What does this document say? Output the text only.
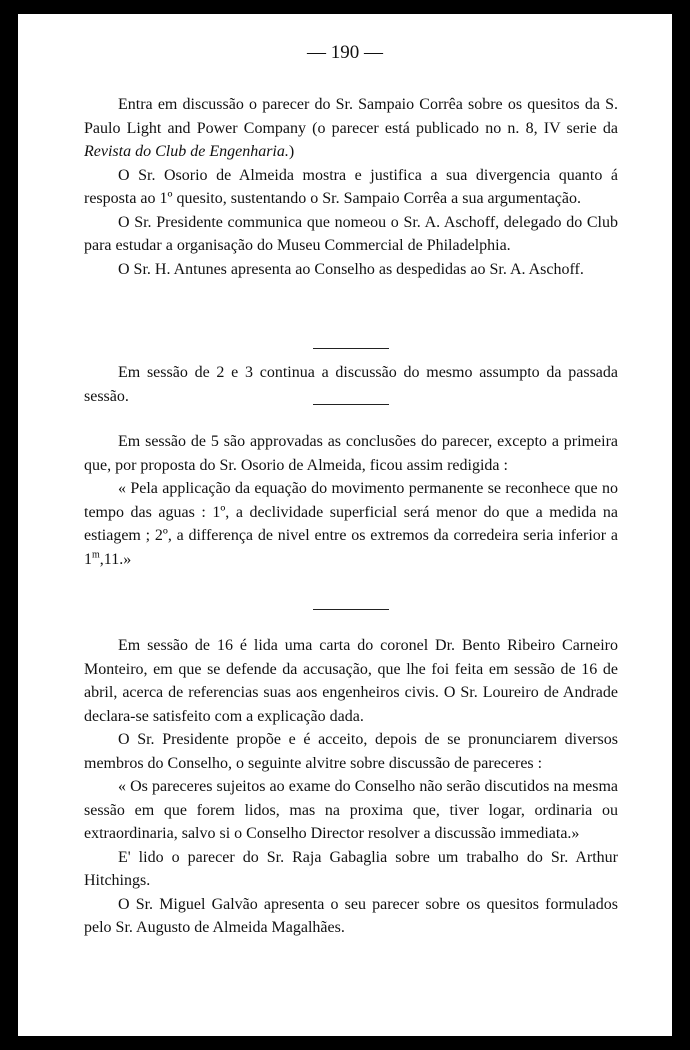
— 190 —

Entra em discussão o parecer do Sr. Sampaio Corrêa sobre os quesitos da S. Paulo Light and Power Company (o parecer está publicado no n. 8, IV serie da Revista do Club de Engenharia.)

O Sr. Osorio de Almeida mostra e justifica a sua divergencia quanto á resposta ao 1º quesito, sustentando o Sr. Sampaio Corrêa a sua argumentação.

O Sr. Presidente communica que nomeou o Sr. A. Aschoff, delegado do Club para estudar a organisação do Museu Commercial de Philadelphia.

O Sr. H. Antunes apresenta ao Conselho as despedidas ao Sr. A. Aschoff.

Em sessão de 2 e 3 continua a discussão do mesmo assumpto da passada sessão.

Em sessão de 5 são approvadas as conclusões do parecer, excepto a primeira que, por proposta do Sr. Osorio de Almeida, ficou assim redigida :

« Pela applicação da equação do movimento permanente se reconhece que no tempo das aguas : 1º, a declividade superficial será menor do que a medida na estiagem ; 2º, a differença de nivel entre os extremos da corredeira seria inferior a 1$^m$,11.»

Em sessão de 16 é lida uma carta do coronel Dr. Bento Ribeiro Carneiro Monteiro, em que se defende da accusação, que lhe foi feita em sessão de 16 de abril, acerca de referencias suas aos engenheiros civis. O Sr. Loureiro de Andrade declara-se satisfeito com a explicação dada.

O Sr. Presidente propõe e é acceito, depois de se pronunciarem diversos membros do Conselho, o seguinte alvitre sobre discussão de pareceres :

« Os pareceres sujeitos ao exame do Conselho não serão discutidos na mesma sessão em que forem lidos, mas na proxima que, tiver logar, ordinaria ou extraordinaria, salvo si o Conselho Director resolver a discussão immediata.»

E' lido o parecer do Sr. Raja Gabaglia sobre um trabalho do Sr. Arthur Hitchings.

O Sr. Miguel Galvão apresenta o seu parecer sobre os quesitos formulados pelo Sr. Augusto de Almeida Magalhães.
